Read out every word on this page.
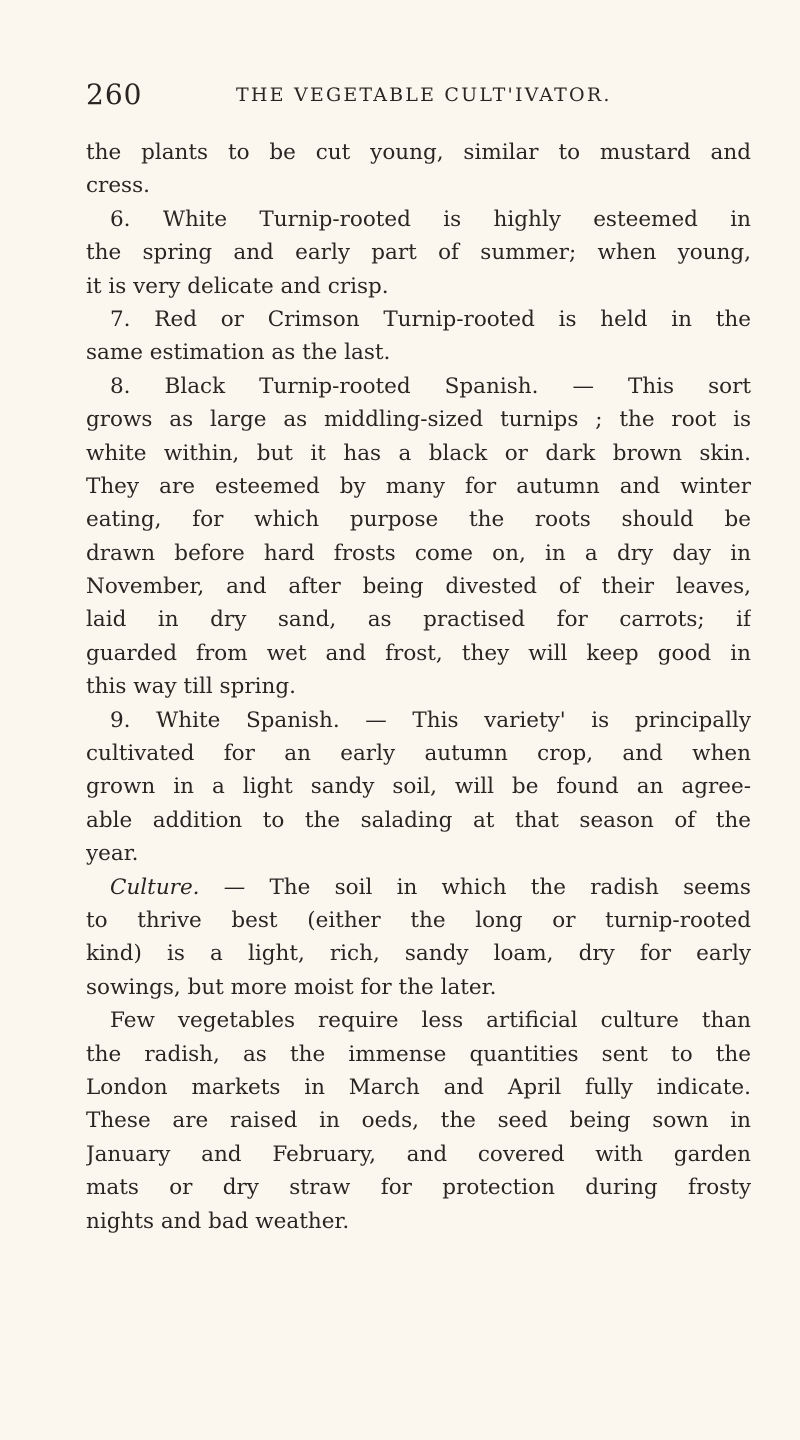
260	THE VEGETABLE CULT'IVATOR.
the plants to be cut young, similar to mustard and
cress.
6. White Turnip-rooted is highly esteemed in
the spring and early part of summer; when young,
it is very delicate and crisp.
7. Red or Crimson Turnip-rooted is held in the
same estimation as the last.
8. Black Turnip-rooted Spanish. — This sort
grows as large as middling-sized turnips ; the root is
white within, but it has a black or dark brown skin.
They are esteemed by many for autumn and winter
eating, for which purpose the roots should be
drawn before hard frosts come on, in a dry day in
November, and after being divested of their leaves,
laid in dry sand, as practised for carrots; if
guarded from wet and frost, they will keep good in
this way till spring.
9. White Spanish. — This variety' is principally
cultivated for an early autumn crop, and when
grown in a light sandy soil, will be found an agree-
able addition to the salading at that season of the
year.
Culture. — The soil in which the radish seems
to thrive best (either the long or turnip-rooted
kind) is a light, rich, sandy loam, dry for early
sowings, but more moist for the later.
Few vegetables require less artificial culture than
the radish, as the immense quantities sent to the
London markets in March and April fully indicate.
These are raised in oeds, the seed being sown in
January and February, and covered with garden
mats or dry straw for protection during frosty
nights and bad weather.
